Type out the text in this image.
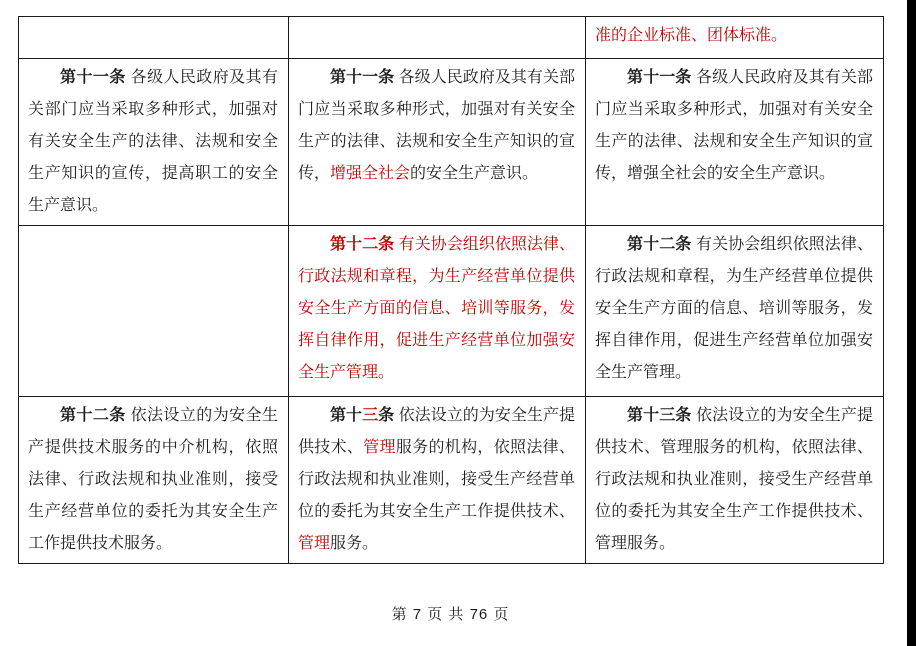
		准的企业标准、团体标准。

第十一条 各级人民政府及其有关部门应当采取多种形式，加强对有关安全生产的法律、法规和安全生产知识的宣传，提高职工的安全生产意识。	第十一条 各级人民政府及其有关部门应当采取多种形式，加强对有关安全生产的法律、法规和安全生产知识的宣传，增强全社会的安全生产意识。	第十一条 各级人民政府及其有关部门应当采取多种形式，加强对有关安全生产的法律、法规和安全生产知识的宣传，增强全社会的安全生产意识。

	第十二条 有关协会组织依照法律、行政法规和章程，为生产经营单位提供安全生产方面的信息、培训等服务，发挥自律作用，促进生产经营单位加强安全生产管理。	第十二条 有关协会组织依照法律、行政法规和章程，为生产经营单位提供安全生产方面的信息、培训等服务，发挥自律作用，促进生产经营单位加强安全生产管理。

第十二条 依法设立的为安全生产提供技术服务的中介机构，依照法律、行政法规和执业准则，接受生产经营单位的委托为其安全生产工作提供技术服务。	第十三条 依法设立的为安全生产提供技术、管理服务的机构，依照法律、行政法规和执业准则，接受生产经营单位的委托为其安全生产工作提供技术、管理服务。	第十三条 依法设立的为安全生产提供技术、管理服务的机构，依照法律、行政法规和执业准则，接受生产经营单位的委托为其安全生产工作提供技术、管理服务。

第 7 页 共 76 页
